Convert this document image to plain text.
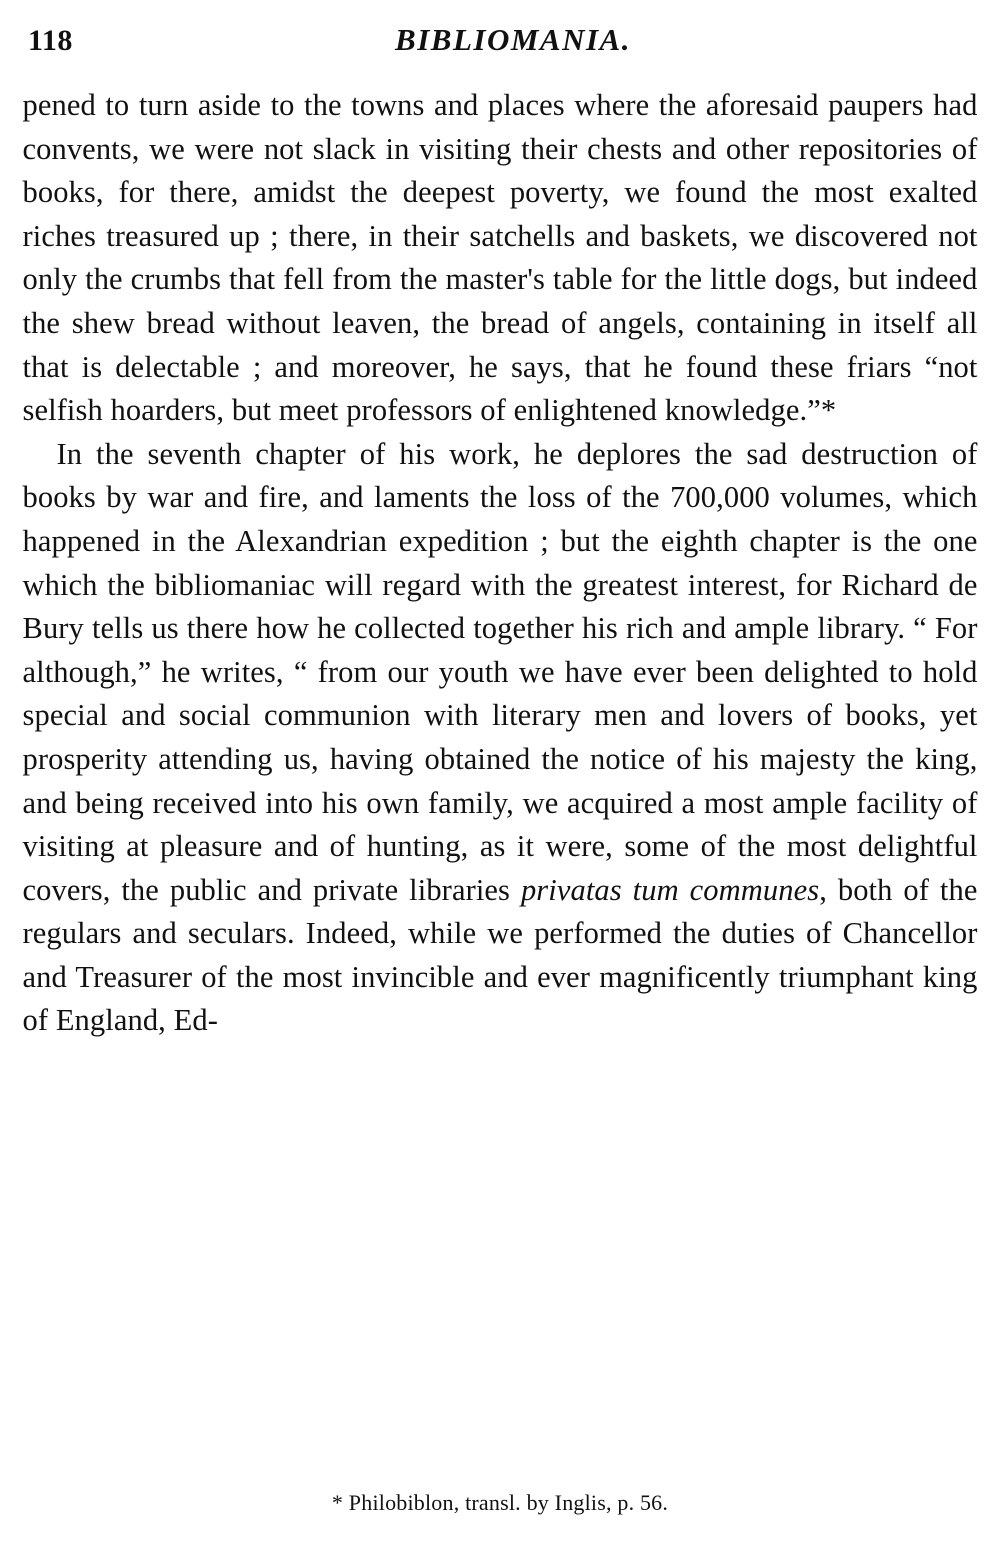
118	BIBLIOMANIA.

pened to turn aside to the towns and places where the aforesaid paupers had convents, we were not slack in visiting their chests and other repositories of books, for there, amidst the deepest poverty, we found the most exalted riches treasured up ; there, in their satchells and baskets, we discovered not only the crumbs that fell from the master's table for the little dogs, but indeed the shew bread without leaven, the bread of angels, containing in itself all that is delectable ; and moreover, he says, that he found these friars “not selfish hoarders, but meet professors of enlightened knowledge.”*

In the seventh chapter of his work, he deplores the sad destruction of books by war and fire, and laments the loss of the 700,000 volumes, which happened in the Alexandrian expedition ; but the eighth chapter is the one which the bibliomaniac will regard with the greatest interest, for Richard de Bury tells us there how he collected together his rich and ample library. “ For although,” he writes, “ from our youth we have ever been delighted to hold special and social communion with literary men and lovers of books, yet prosperity attending us, having obtained the notice of his majesty the king, and being received into his own family, we acquired a most ample facility of visiting at pleasure and of hunting, as it were, some of the most delightful covers, the public and private libraries privatas tum communes, both of the regulars and seculars. Indeed, while we performed the duties of Chancellor and Treasurer of the most invincible and ever magnificently triumphant king of England, Ed-

* Philobiblon, transl. by Inglis, p. 56.
